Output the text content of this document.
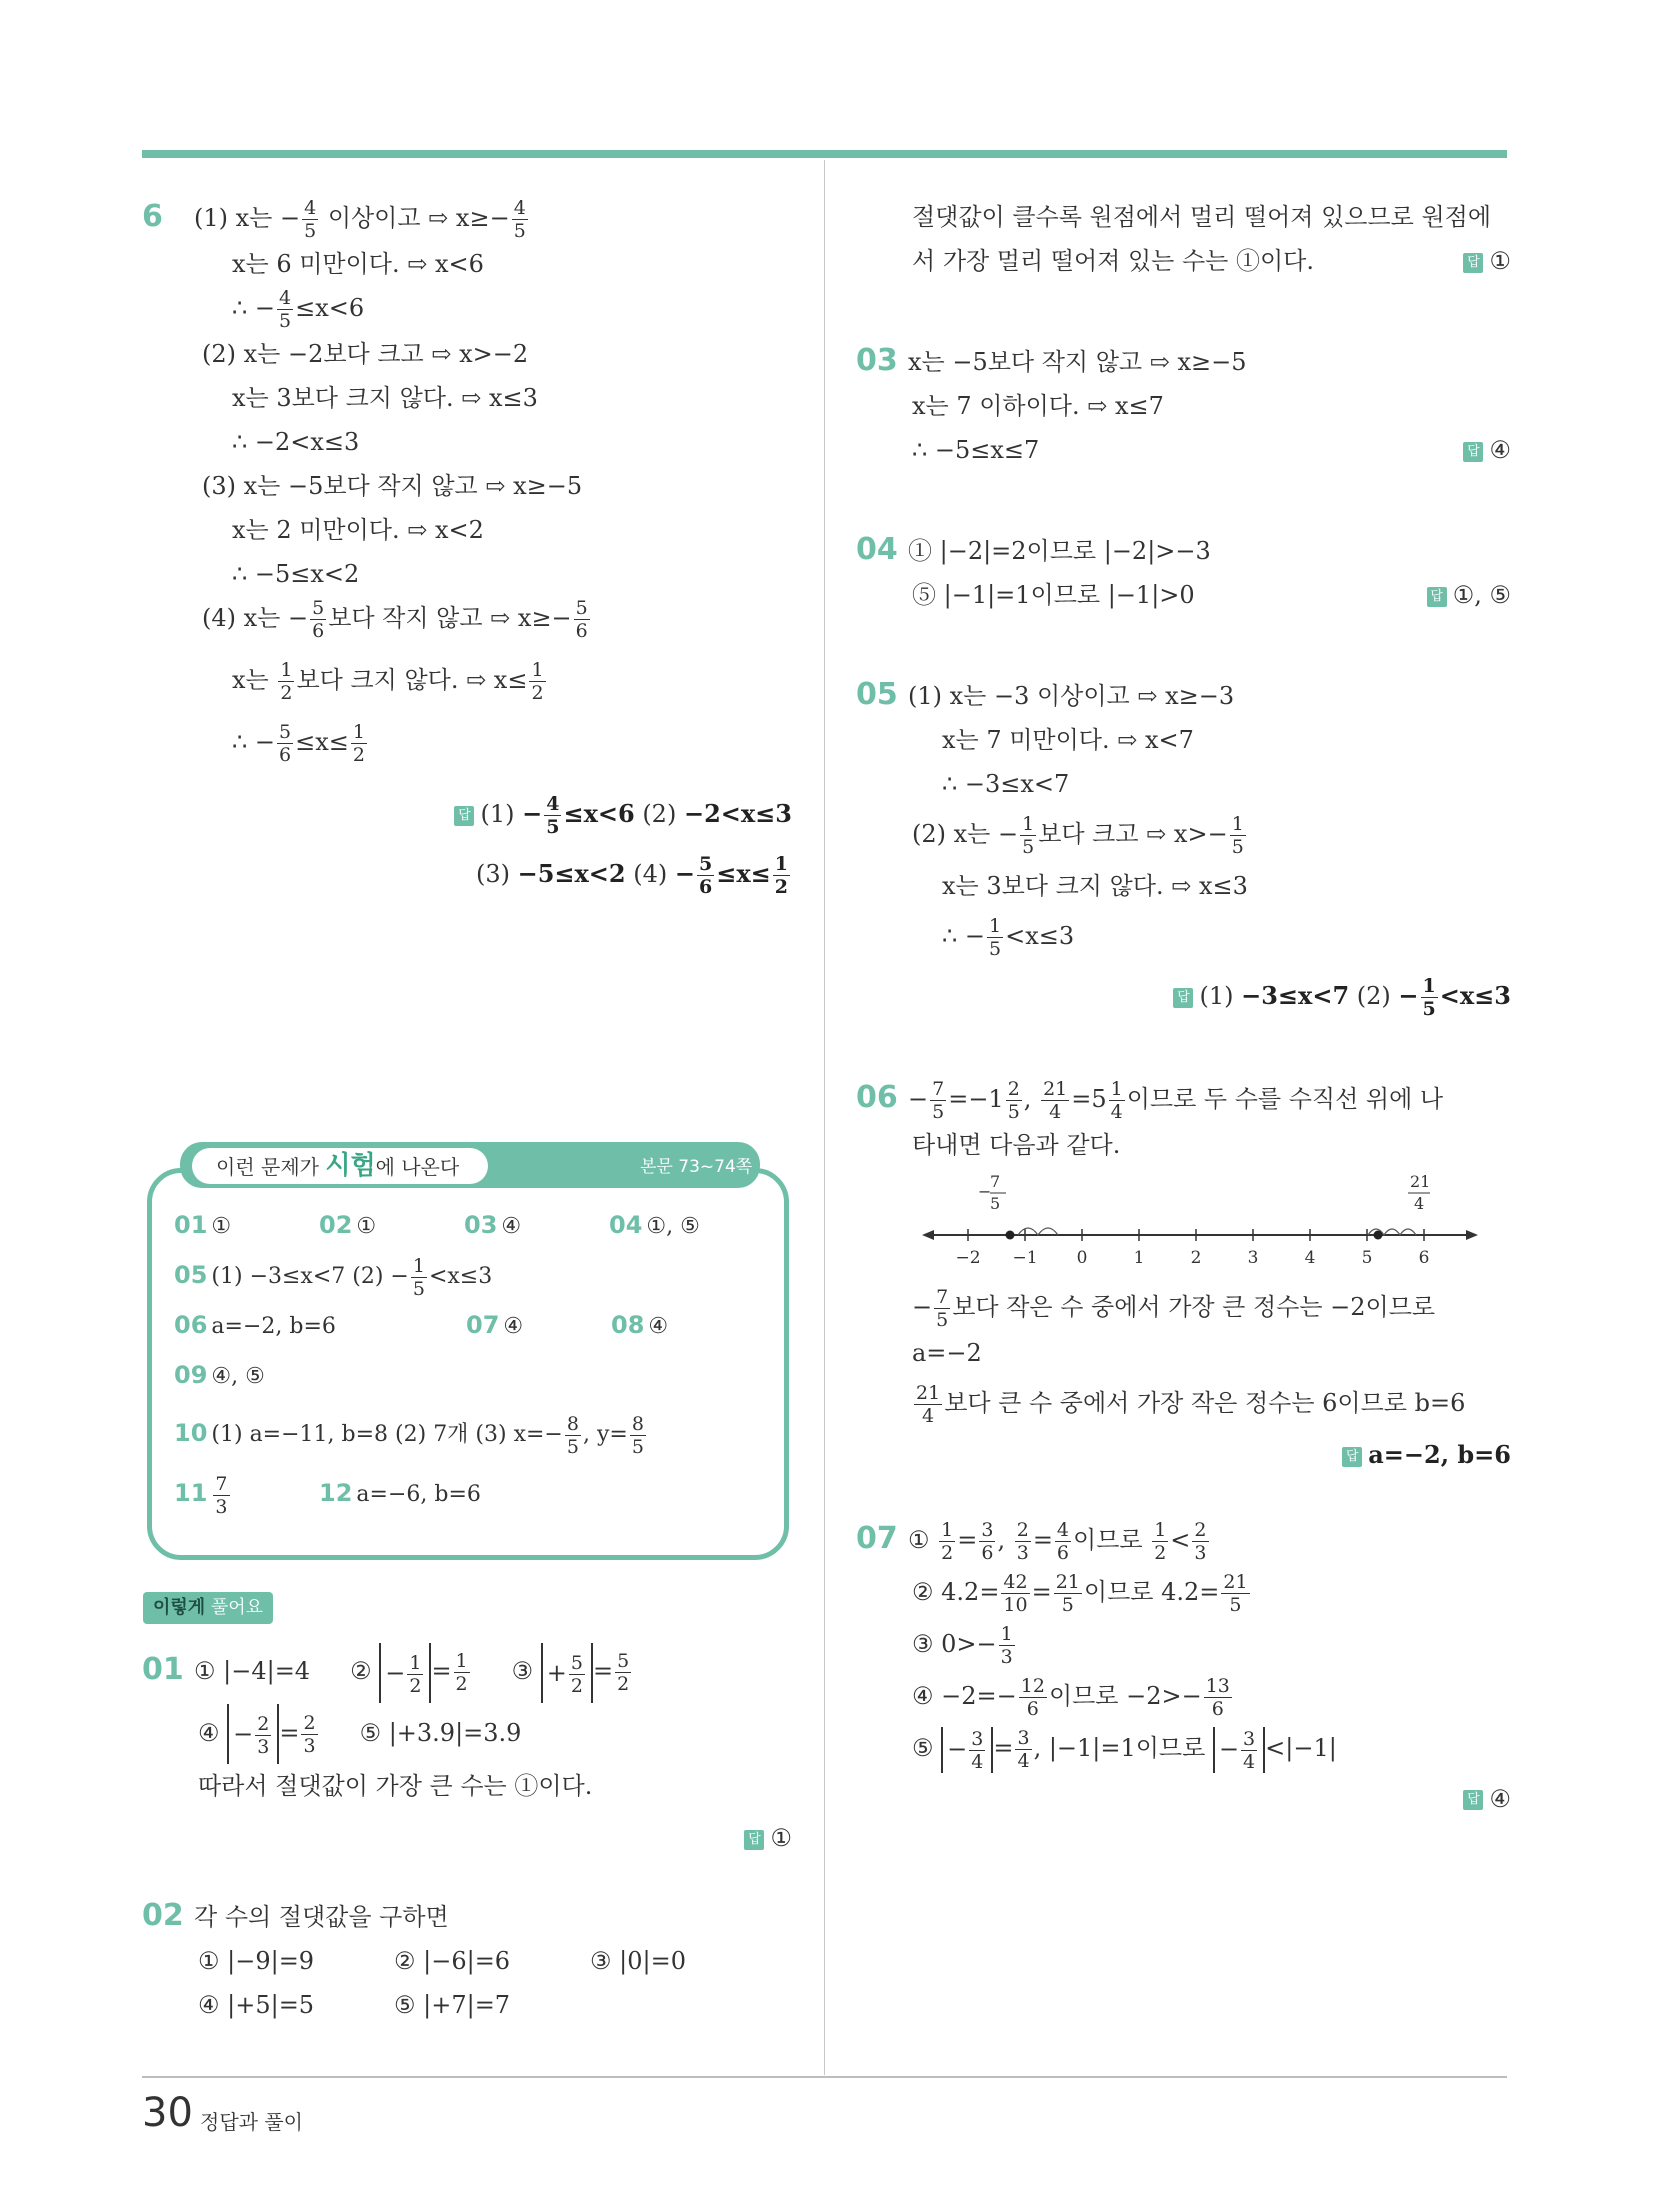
6 (1) x는 − $\frac{4}{5}$ 이상이고 ⇨ $x\ge- \frac{4}{5}$
x는 6 미만이다. ⇨ x<6
∴ − $\frac{4}{5} \le x<6$
(2) x는 −2보다 크고 ⇨ x>−2
x는 3보다 크지 않다. ⇨ x≤3
∴ −2<x≤3
(3) x는 −5보다 작지 않고 ⇨ x≥−5
x는 2 미만이다. ⇨ x<2
∴ −5≤x<2
(4) x는 − $\frac{5}{6}$ 보다 작지 않고 ⇨ $x\ge- \frac{5}{6}$
x는 $\frac{1}{2}$ 보다 크지 않다. ⇨ $x\le \frac{1}{2}$
∴ − $\frac{5}{6} \le x\le \frac{1}{2}$
답 $(1) - \frac{4}{5} \le x<6$ (2) −2<x≤3
(3) −5≤x<2 $(4) - \frac{5}{6} \le x\le \frac{1}{2}$
이런 문제가 시험에 나온다	본문 73~74쪽
01 ①	02 ①	03 ④	04 ①, ⑤
05 (1) −3≤x<7 $(2) - \frac{1}{5} <x\le 3$
06 a=−2, b=6	07 ④	08 ④
09 ④, ⑤
10 (1) a=−11, b=8 (2) 7개 (3) $x=- \frac{8}{5}$ , $y= \frac{8}{5}$
$11 \frac{7}{3}$	12 a=−6, b=6
이렇게 풀어요
01 ① |−4|=4 ② − $\frac{1}{2} = \frac{1}{2}$ ③ + $\frac{5}{2} = \frac{5}{2}$
④ − $\frac{2}{3} = \frac{2}{3}$ ⑤ |+3.9|=3.9
따라서 절댓값이 가장 큰 수는 ①이다.
답 ①
02 각 수의 절댓값을 구하면
① |−9|=9	② |−6|=6	③ |0|=0
④ |+5|=5	⑤ |+7|=7
절댓값이 클수록 원점에서 멀리 떨어져 있으므로 원점에
서 가장 멀리 떨어져 있는 수는 ①이다.	답 ①
03 x는 −5보다 작지 않고 ⇨ x≥−5
x는 7 이하이다. ⇨ x≤7
∴ −5≤x≤7	답 ④
04 ① |−2|=2이므로 |−2|>−3
⑤ |−1|=1이므로 |−1|>0	답 ①, ⑤
05 (1) x는 −3 이상이고 ⇨ x≥−3
x는 7 미만이다. ⇨ x<7
∴ −3≤x<7
(2) x는 − $\frac{1}{5}$ 보다 크고 ⇨ $x>- \frac{1}{5}$
x는 3보다 크지 않다. ⇨ x≤3
∴ − $\frac{1}{5} <x\le 3$
답 (1) −3≤x<7 $(2) - \frac{1}{5} <x\le 3$
$06 - \frac{7}{5} =-1 \frac{2}{5}$ , $\frac{21}{4} =5 \frac{1}{4}$ 이므로 두 수를 수직선 위에 나
타내면 다음과 같다.
−2 −1 0	1	2	3	4	5	6
7
5
−
21
4
− $\frac{7}{5}$ 보다 작은 수 중에서 가장 큰 정수는 −2이므로
a=−2
$\frac{21}{4}$ 보다 큰 수 중에서 가장 작은 정수는 6이므로 b=6
답 a=−2, b=6
07 ① $\frac{1}{2} = \frac{3}{6}$ , $\frac{2}{3} = \frac{4}{6}$ 이므로 $\frac{1}{2} < \frac{2}{3}$
② $4.2= \frac{42}{10} = \frac{21}{5}$ 이므로 $4.2= \frac{21}{5}$
③ $0>- \frac{1}{3}$
④ $-2=- \frac{12}{6}$ 이므로 $-2>- \frac{13}{6}$
⑤ − $\frac{3}{4} = \frac{3}{4}$ , |−1|=1이므로 − $\frac{3}{4} <|-1|$
답 ④
30 정답과 풀이
